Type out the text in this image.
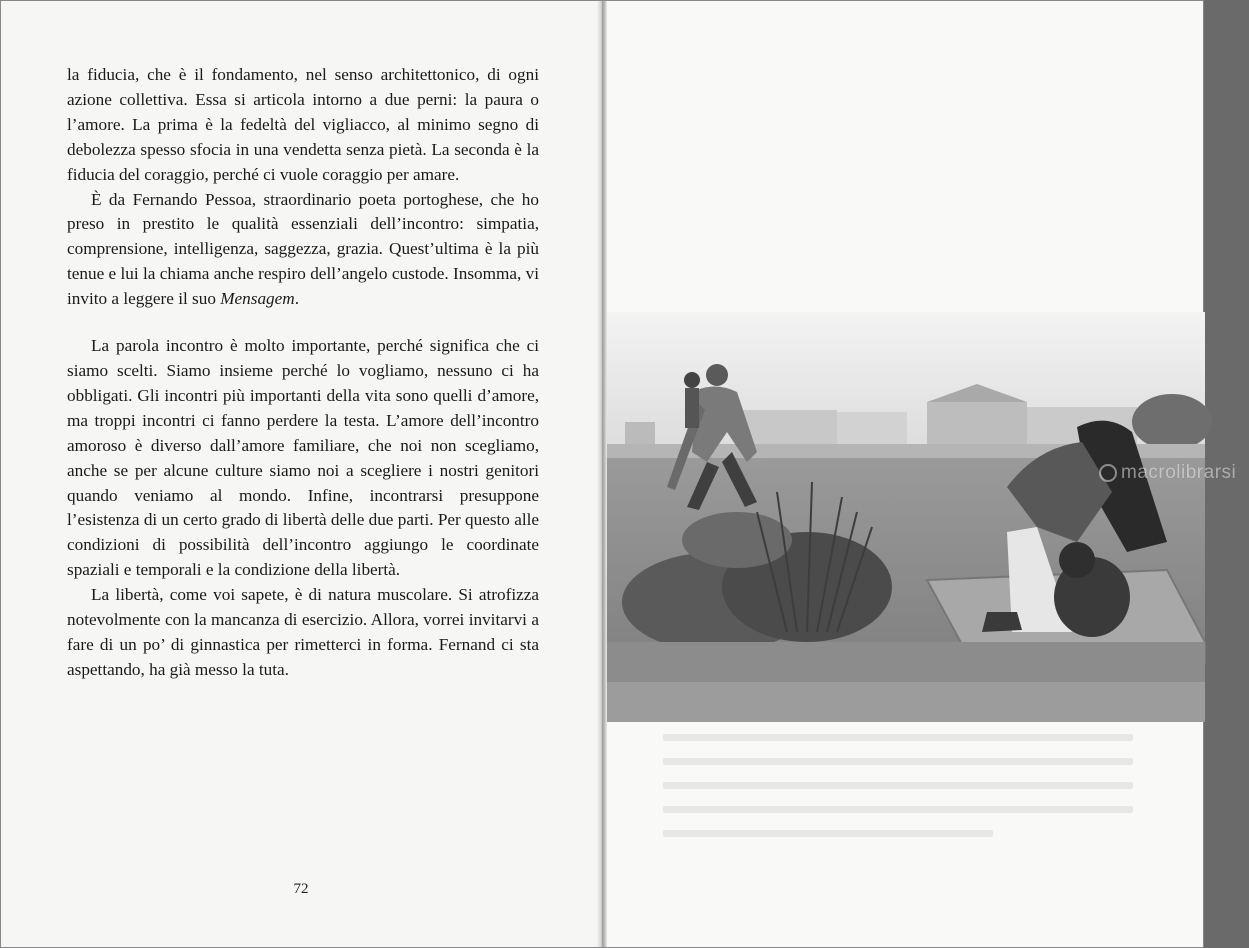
la fiducia, che è il fondamento, nel senso architettonico, di ogni azione collettiva. Essa si articola intorno a due perni: la paura o l’amore. La prima è la fedeltà del vigliacco, al minimo segno di debolezza spesso sfocia in una vendetta senza pietà. La seconda è la fiducia del coraggio, perché ci vuole coraggio per amare.

È da Fernando Pessoa, straordinario poeta portoghese, che ho preso in prestito le qualità essenziali dell’incontro: simpatia, comprensione, intelligenza, saggezza, grazia. Quest’ultima è la più tenue e lui la chiama anche respiro dell’angelo custode. Insomma, vi invito a leggere il suo Mensagem.

La parola incontro è molto importante, perché significa che ci siamo scelti. Siamo insieme perché lo vogliamo, nessuno ci ha obbligati. Gli incontri più importanti della vita sono quelli d’amore, ma troppi incontri ci fanno perdere la testa. L’amore dell’incontro amoroso è diverso dall’amore familiare, che noi non scegliamo, anche se per alcune culture siamo noi a scegliere i nostri genitori quando veniamo al mondo. Infine, incontrarsi presuppone l’esistenza di un certo grado di libertà delle due parti. Per questo alle condizioni di possibilità dell’incontro aggiungo le coordinate spaziali e temporali e la condizione della libertà.

La libertà, come voi sapete, è di natura muscolare. Si atrofizza notevolmente con la mancanza di esercizio. Allora, vorrei invitarvi a fare di un po’ di ginnastica per rimetterci in forma. Fernand ci sta aspettando, ha già messo la tuta.

72
macrolibrarsi
